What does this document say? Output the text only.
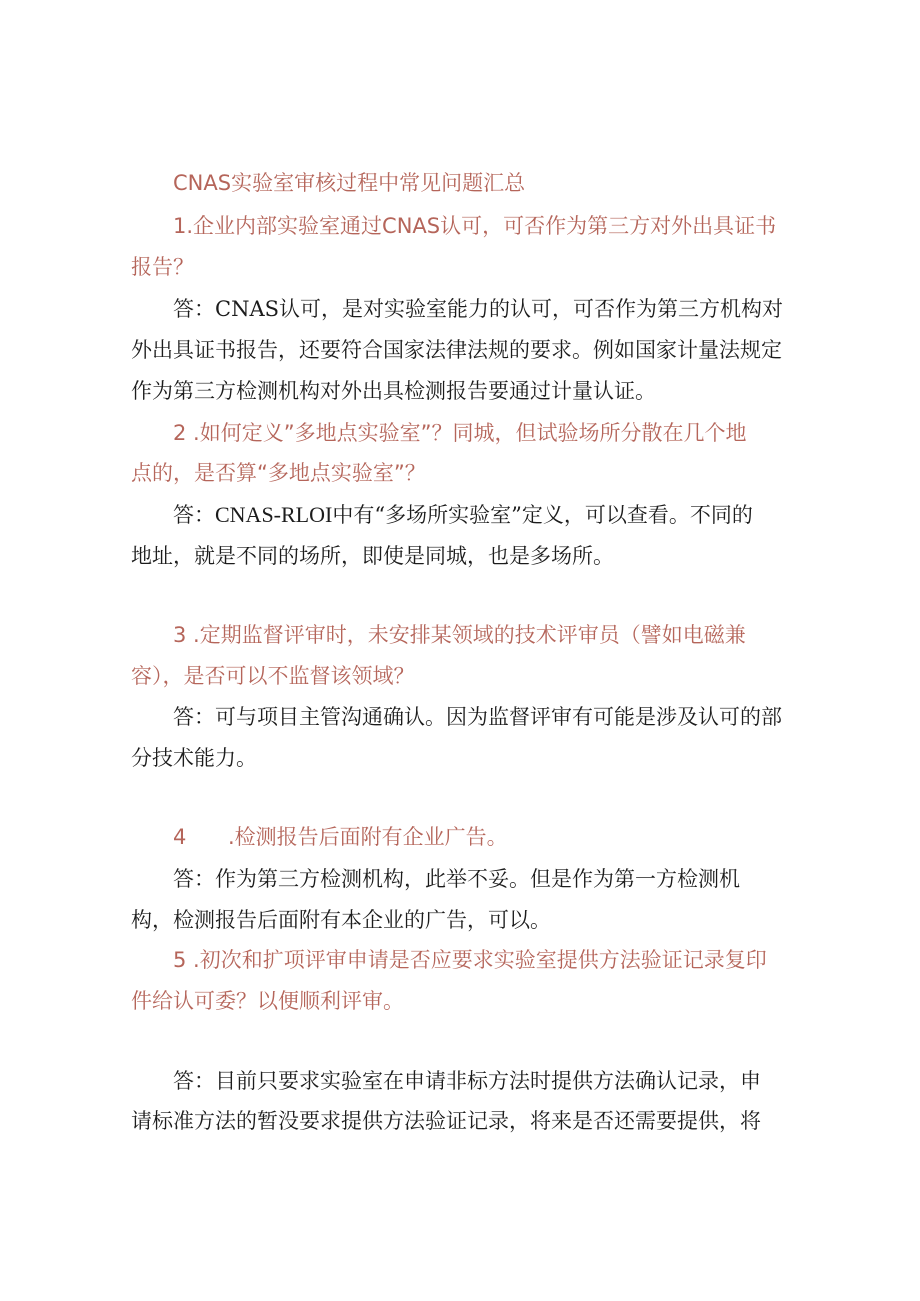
CNAS实验室审核过程中常见问题汇总
1.企业内部实验室通过CNAS认可，可否作为第三方对外出具证书
报告？
答：CNAS认可，是对实验室能力的认可，可否作为第三方机构对
外出具证书报告，还要符合国家法律法规的要求。例如国家计量法规定
作为第三方检测机构对外出具检测报告要通过计量认证。
2 .如何定义”多地点实验室”？同城，但试验场所分散在几个地
点的，是否算“多地点实验室”？
答：CNAS-RLOI中有“多场所实验室”定义，可以查看。不同的
地址，就是不同的场所，即使是同城，也是多场所。
3 .定期监督评审时，未安排某领域的技术评审员（譬如电磁兼
容），是否可以不监督该领域？
答：可与项目主管沟通确认。因为监督评审有可能是涉及认可的部
分技术能力。
4 .检测报告后面附有企业广告。
答：作为第三方检测机构，此举不妥。但是作为第一方检测机
构，检测报告后面附有本企业的广告，可以。
5 .初次和扩项评审申请是否应要求实验室提供方法验证记录复印
件给认可委？以便顺利评审。
答：目前只要求实验室在申请非标方法时提供方法确认记录，申
请标准方法的暂没要求提供方法验证记录，将来是否还需要提供，将
